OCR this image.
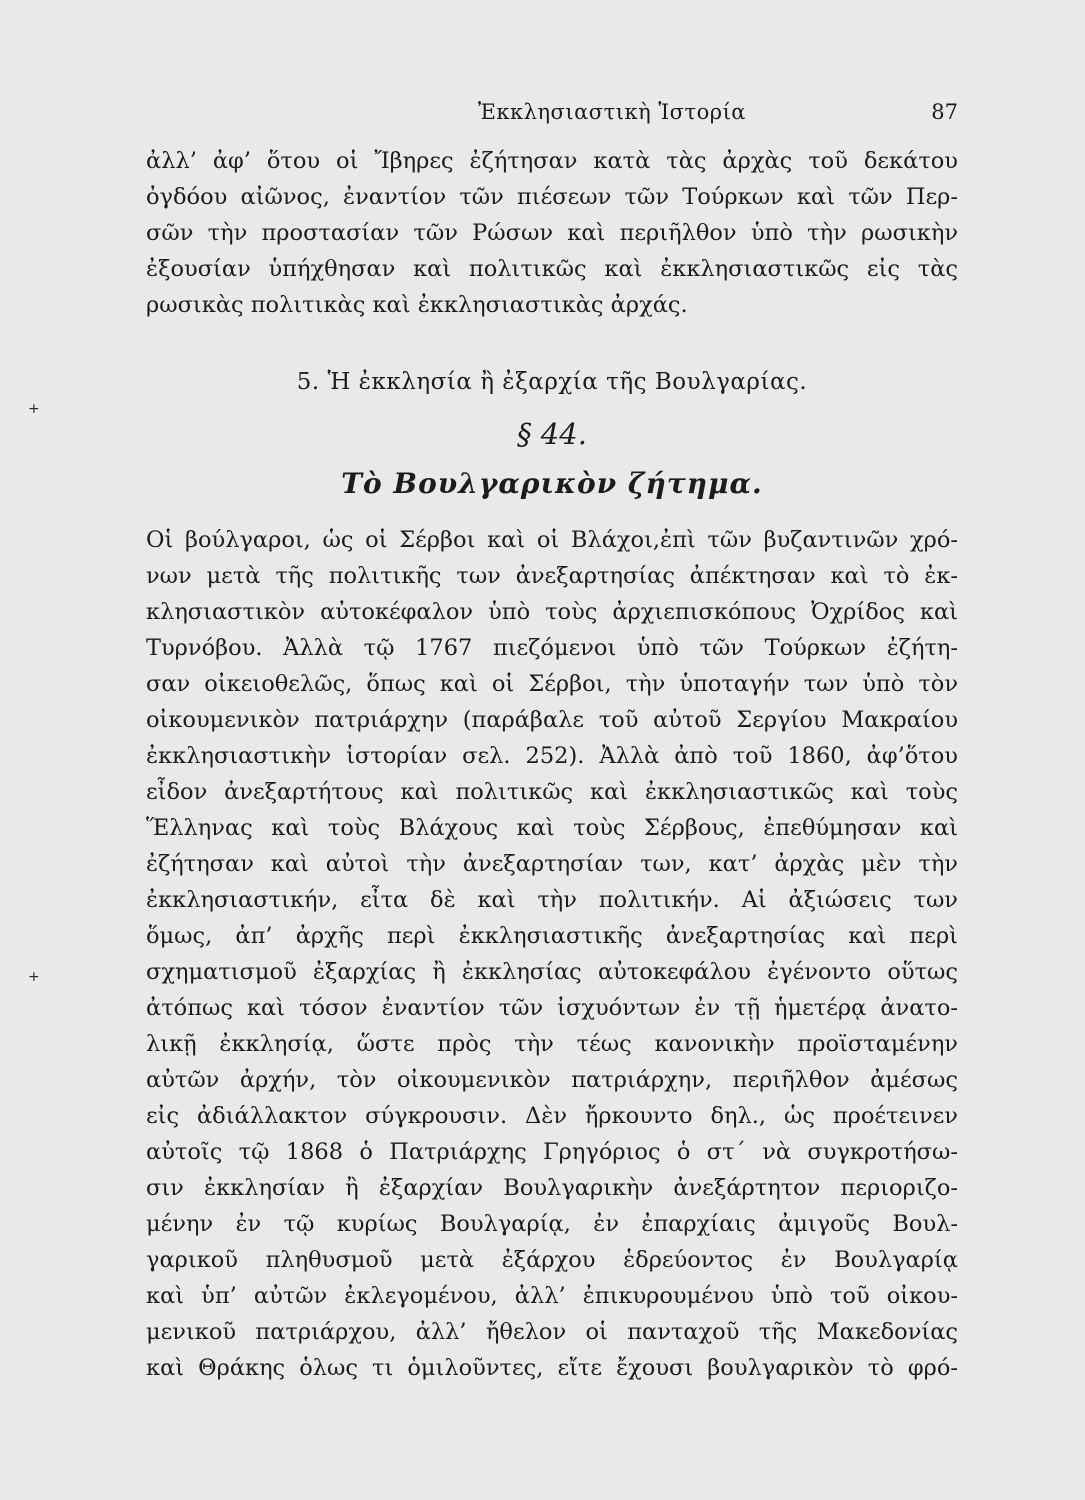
Ἐκκλησιαστικὴ Ἱστορία	87
ἀλλ’ ἀφ’ ὅτου οἱ Ἴβηρες ἐζήτησαν κατὰ τὰς ἀρχὰς τοῦ δεκάτου
ὀγδόου αἰῶνος, ἐναντίον τῶν πιέσεων τῶν Τούρκων καὶ τῶν Περ-
σῶν τὴν προστασίαν τῶν Ρώσων καὶ περιῆλθον ὑπὸ τὴν ρωσικὴν
ἐξουσίαν ὑπήχθησαν καὶ πολιτικῶς καὶ ἐκκλησιαστικῶς εἰς τὰς
ρωσικὰς πολιτικὰς καὶ ἐκκλησιαστικὰς ἀρχάς.
5. Ἡ ἐκκλησία ἢ ἐξαρχία τῆς Βουλγαρίας.
§ 44.
Τὸ Βουλγαρικὸν ζήτημα.
Οἱ βούλγαροι, ὡς οἱ Σέρβοι καὶ οἱ Βλάχοι,ἐπὶ τῶν βυζαντινῶν χρό-
νων μετὰ τῆς πολιτικῆς των ἀνεξαρτησίας ἀπέκτησαν καὶ τὸ ἐκ-
κλησιαστικὸν αὐτοκέφαλον ὑπὸ τοὺς ἀρχιεπισκόπους Ὀχρίδος καὶ
Τυρνόβου. Ἀλλὰ τῷ 1767 πιεζόμενοι ὑπὸ τῶν Τούρκων ἐζήτη-
σαν οἰκειοθελῶς, ὅπως καὶ οἱ Σέρβοι, τὴν ὑποταγήν των ὑπὸ τὸν
οἰκουμενικὸν πατριάρχην (παράβαλε τοῦ αὐτοῦ Σεργίου Μακραίου
ἐκκλησιαστικὴν ἱστορίαν σελ. 252). Ἀλλὰ ἀπὸ τοῦ 1860, ἀφ’ὅτου
εἶδον ἀνεξαρτήτους καὶ πολιτικῶς καὶ ἐκκλησιαστικῶς καὶ τοὺς
Ἕλληνας καὶ τοὺς Βλάχους καὶ τοὺς Σέρβους, ἐπεθύμησαν καὶ
ἐζήτησαν καὶ αὐτοὶ τὴν ἀνεξαρτησίαν των, κατ’ ἀρχὰς μὲν τὴν
ἐκκλησιαστικήν, εἶτα δὲ καὶ τὴν πολιτικήν. Αἱ ἀξιώσεις των
ὅμως, ἀπ’ ἀρχῆς περὶ ἐκκλησιαστικῆς ἀνεξαρτησίας καὶ περὶ
σχηματισμοῦ ἐξαρχίας ἢ ἐκκλησίας αὐτοκεφάλου ἐγένοντο οὕτως
ἀτόπως καὶ τόσον ἐναντίον τῶν ἰσχυόντων ἐν τῇ ἡμετέρᾳ ἀνατο-
λικῇ ἐκκλησίᾳ, ὥστε πρὸς τὴν τέως κανονικὴν προϊσταμένην
αὐτῶν ἀρχήν, τὸν οἰκουμενικὸν πατριάρχην, περιῆλθον ἀμέσως
εἰς ἀδιάλλακτον σύγκρουσιν. Δὲν ἤρκουντο δηλ., ὡς προέτεινεν
αὐτοῖς τῷ 1868 ὁ Πατριάρχης Γρηγόριος ὁ στ΄ νὰ συγκροτήσω-
σιν ἐκκλησίαν ἢ ἐξαρχίαν Βουλγαρικὴν ἀνεξάρτητον περιοριζο-
μένην ἐν τῷ κυρίως Βουλγαρίᾳ, ἐν ἐπαρχίαις ἀμιγοῦς Βουλ-
γαρικοῦ πληθυσμοῦ μετὰ ἐξάρχου ἑδρεύοντος ἐν Βουλγαρίᾳ
καὶ ὑπ’ αὐτῶν ἐκλεγομένου, ἀλλ’ ἐπικυρουμένου ὑπὸ τοῦ οἰκου-
μενικοῦ πατριάρχου, ἀλλ’ ἤθελον οἱ πανταχοῦ τῆς Μακεδονίας
καὶ Θράκης ὁλως τι ὁμιλοῦντες, εἴτε ἔχουσι βουλγαρικὸν τὸ φρό-
+
+
